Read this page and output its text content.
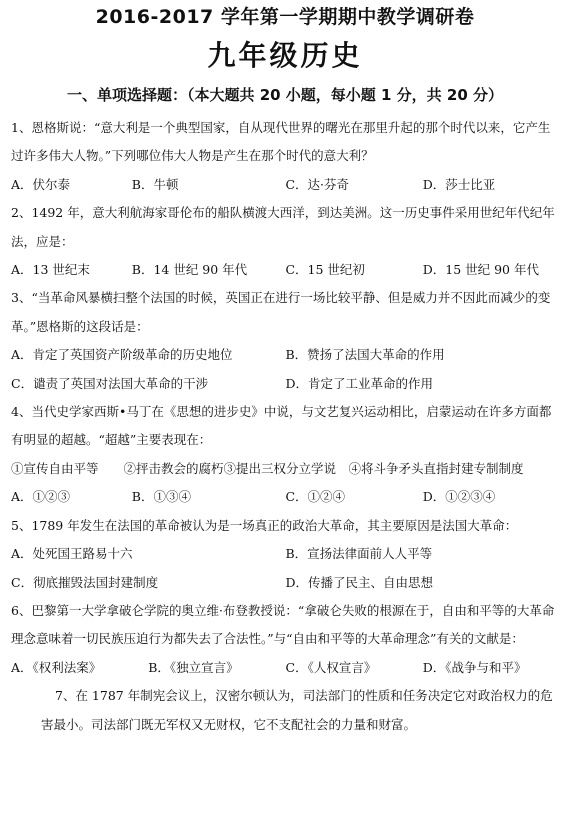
2016-2017 学年第一学期期中教学调研卷
九年级历史
一、单项选择题：（本大题共 20 小题，每小题 1 分，共 20 分）

1、恩格斯说：“意大利是一个典型国家，自从现代世界的曙光在那里升起的那个时代以来，它产生过许多伟大人物。”下列哪位伟大人物是产生在那个时代的意大利？

A．伏尔泰	B．牛顿	C．达·芬奇	D．莎士比亚

2、1492 年，意大利航海家哥伦布的船队横渡大西洋，到达美洲。这一历史事件采用世纪年代纪年法，应是：

A．13 世纪末	B．14 世纪 90 年代	C．15 世纪初	D．15 世纪 90 年代

3、“当革命风暴横扫整个法国的时候，英国正在进行一场比较平静、但是威力并不因此而减少的变革。”恩格斯的这段话是：

A．肯定了英国资产阶级革命的历史地位	B．赞扬了法国大革命的作用
C．谴责了英国对法国大革命的干涉	D．肯定了工业革命的作用

4、当代史学家西斯•马丁在《思想的进步史》中说，与文艺复兴运动相比，启蒙运动在许多方面都有明显的超越。“超越”主要表现在：

①宣传自由平等　　②抨击教会的腐朽③提出三权分立学说　④将斗争矛头直指封建专制制度

A．①②③	B．①③④	C．①②④	D．①②③④

5、1789 年发生在法国的革命被认为是一场真正的政治大革命，其主要原因是法国大革命：

A．处死国王路易十六	B．宣扬法律面前人人平等
C．彻底摧毁法国封建制度	D．传播了民主、自由思想

6、巴黎第一大学拿破仑学院的奥立维·布登教授说：“拿破仑失败的根源在于，自由和平等的大革命理念意味着一切民族压迫行为都失去了合法性。”与“自由和平等的大革命理念”有关的文献是：

A．《权利法案》	B．《独立宣言》	C．《人权宣言》	D．《战争与和平》

7、在 1787 年制宪会议上，汉密尔顿认为，司法部门的性质和任务决定它对政治权力的危害最小。司法部门既无军权又无财权，它不支配社会的力量和财富。
